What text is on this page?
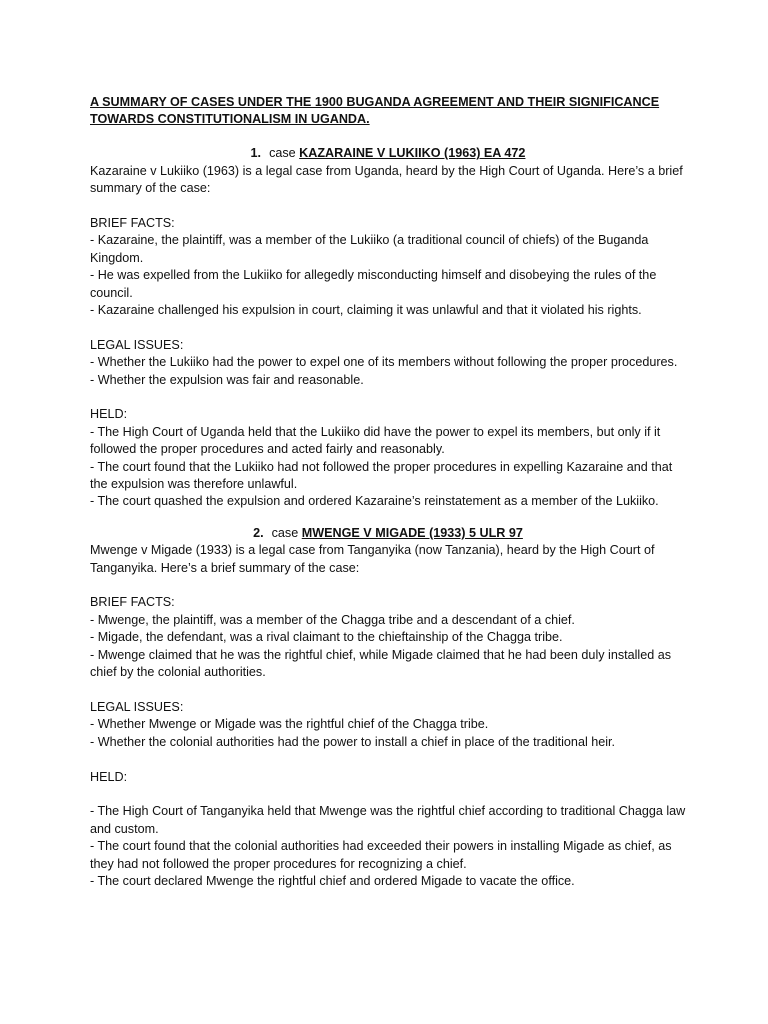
A SUMMARY OF CASES UNDER THE 1900 BUGANDA AGREEMENT AND THEIR SIGNIFICANCE TOWARDS CONSTITUTIONALISM IN UGANDA.

1. case KAZARAINE V LUKIIKO (1963) EA 472

Kazaraine v Lukiiko (1963) is a legal case from Uganda, heard by the High Court of Uganda. Here’s a brief summary of the case:

BRIEF FACTS:

- Kazaraine, the plaintiff, was a member of the Lukiiko (a traditional council of chiefs) of the Buganda Kingdom.

- He was expelled from the Lukiiko for allegedly misconducting himself and disobeying the rules of the council.

- Kazaraine challenged his expulsion in court, claiming it was unlawful and that it violated his rights.

LEGAL ISSUES:

- Whether the Lukiiko had the power to expel one of its members without following the proper procedures.

- Whether the expulsion was fair and reasonable.

HELD:

- The High Court of Uganda held that the Lukiiko did have the power to expel its members, but only if it followed the proper procedures and acted fairly and reasonably.

- The court found that the Lukiiko had not followed the proper procedures in expelling Kazaraine and that the expulsion was therefore unlawful.

- The court quashed the expulsion and ordered Kazaraine’s reinstatement as a member of the Lukiiko.

2. case MWENGE V MIGADE (1933) 5 ULR 97

Mwenge v Migade (1933) is a legal case from Tanganyika (now Tanzania), heard by the High Court of Tanganyika. Here’s a brief summary of the case:

BRIEF FACTS:

- Mwenge, the plaintiff, was a member of the Chagga tribe and a descendant of a chief.

- Migade, the defendant, was a rival claimant to the chieftainship of the Chagga tribe.

- Mwenge claimed that he was the rightful chief, while Migade claimed that he had been duly installed as chief by the colonial authorities.

LEGAL ISSUES:

- Whether Mwenge or Migade was the rightful chief of the Chagga tribe.

- Whether the colonial authorities had the power to install a chief in place of the traditional heir.

HELD:

- The High Court of Tanganyika held that Mwenge was the rightful chief according to traditional Chagga law and custom.

- The court found that the colonial authorities had exceeded their powers in installing Migade as chief, as they had not followed the proper procedures for recognizing a chief.

- The court declared Mwenge the rightful chief and ordered Migade to vacate the office.
